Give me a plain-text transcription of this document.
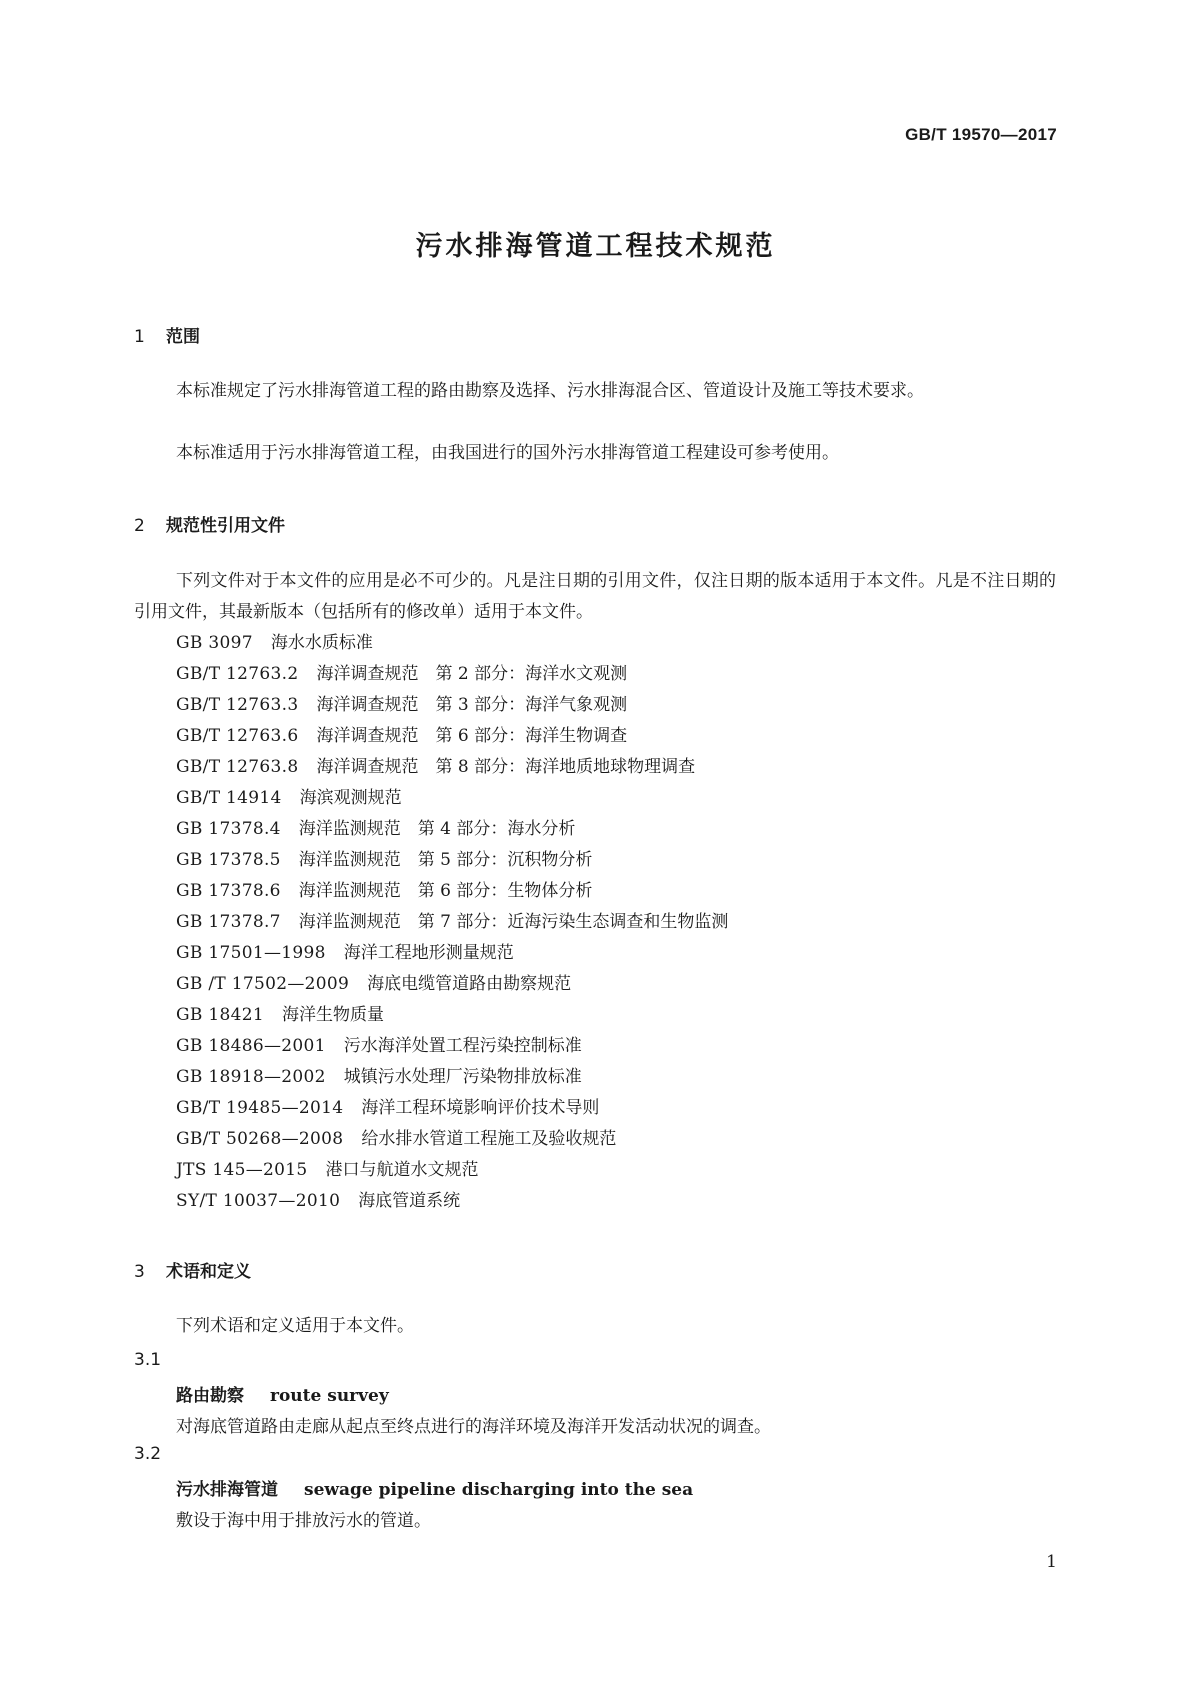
GB/T 19570—2017
污水排海管道工程技术规范
1 范围
本标准规定了污水排海管道工程的路由勘察及选择、污水排海混合区、管道设计及施工等技术要求。
本标准适用于污水排海管道工程，由我国进行的国外污水排海管道工程建设可参考使用。
2 规范性引用文件
下列文件对于本文件的应用是必不可少的。凡是注日期的引用文件，仅注日期的版本适用于本文件。凡是不注日期的引用文件，其最新版本（包括所有的修改单）适用于本文件。
GB 3097 海水水质标准
GB/T 12763.2 海洋调查规范　第 2 部分：海洋水文观测
GB/T 12763.3 海洋调查规范　第 3 部分：海洋气象观测
GB/T 12763.6 海洋调查规范　第 6 部分：海洋生物调查
GB/T 12763.8 海洋调查规范　第 8 部分：海洋地质地球物理调查
GB/T 14914 海滨观测规范
GB 17378.4 海洋监测规范　第 4 部分：海水分析
GB 17378.5 海洋监测规范　第 5 部分：沉积物分析
GB 17378.6 海洋监测规范　第 6 部分：生物体分析
GB 17378.7 海洋监测规范　第 7 部分：近海污染生态调查和生物监测
GB 17501—1998 海洋工程地形测量规范
GB /T 17502—2009 海底电缆管道路由勘察规范
GB 18421 海洋生物质量
GB 18486—2001 污水海洋处置工程污染控制标准
GB 18918—2002 城镇污水处理厂污染物排放标准
GB/T 19485—2014 海洋工程环境影响评价技术导则
GB/T 50268—2008 给水排水管道工程施工及验收规范
JTS 145—2015 港口与航道水文规范
SY/T 10037—2010 海底管道系统
3 术语和定义
下列术语和定义适用于本文件。
3.1
路由勘察 route survey
对海底管道路由走廊从起点至终点进行的海洋环境及海洋开发活动状况的调查。
3.2
污水排海管道 sewage pipeline discharging into the sea
敷设于海中用于排放污水的管道。
1
